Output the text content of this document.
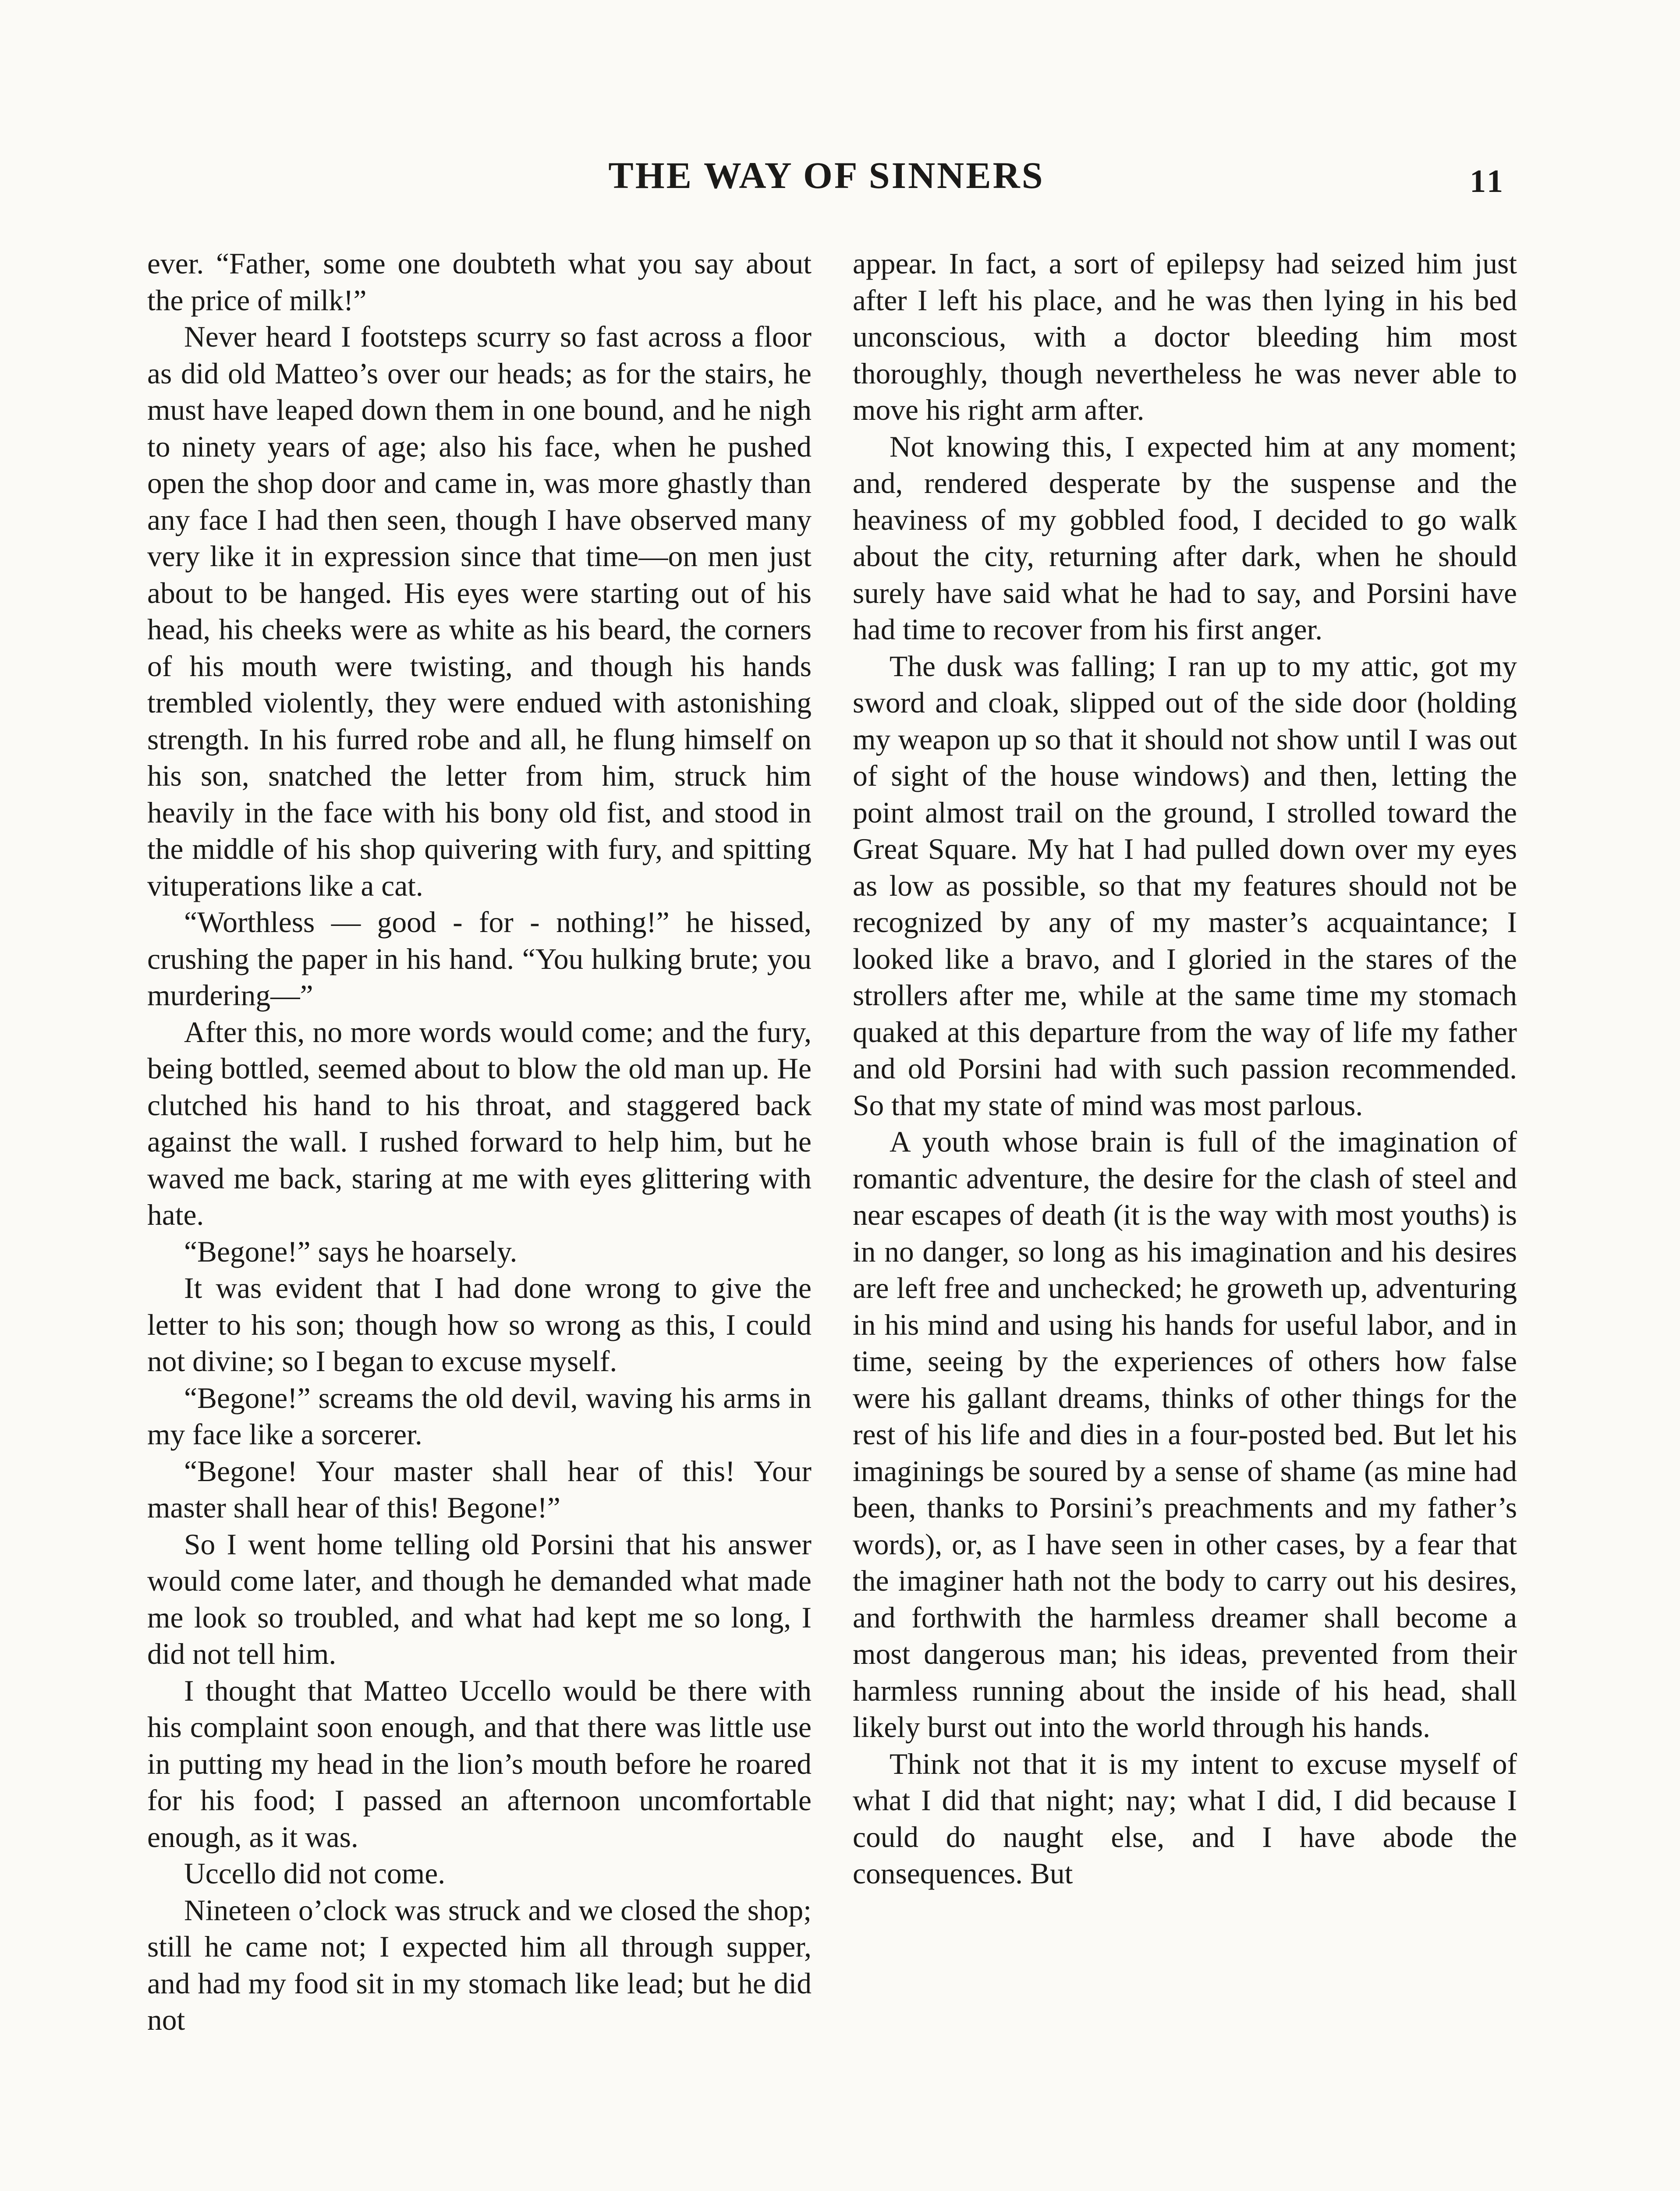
THE WAY OF SINNERS	11

ever. “Father, some one doubteth what you say about the price of milk!”

Never heard I footsteps scurry so fast across a floor as did old Matteo’s over our heads; as for the stairs, he must have leaped down them in one bound, and he nigh to ninety years of age; also his face, when he pushed open the shop door and came in, was more ghastly than any face I had then seen, though I have observed many very like it in expression since that time—on men just about to be hanged. His eyes were starting out of his head, his cheeks were as white as his beard, the corners of his mouth were twisting, and though his hands trembled violently, they were endued with astonishing strength. In his furred robe and all, he flung himself on his son, snatched the letter from him, struck him heavily in the face with his bony old fist, and stood in the middle of his shop quivering with fury, and spitting vituperations like a cat.

“Worthless — good - for - nothing!” he hissed, crushing the paper in his hand. “You hulking brute; you murdering—”

After this, no more words would come; and the fury, being bottled, seemed about to blow the old man up. He clutched his hand to his throat, and staggered back against the wall. I rushed forward to help him, but he waved me back, staring at me with eyes glittering with hate.

“Begone!” says he hoarsely.

It was evident that I had done wrong to give the letter to his son; though how so wrong as this, I could not divine; so I began to excuse myself.

“Begone!” screams the old devil, waving his arms in my face like a sorcerer.

“Begone! Your master shall hear of this! Your master shall hear of this! Begone!”

So I went home telling old Porsini that his answer would come later, and though he demanded what made me look so troubled, and what had kept me so long, I did not tell him.

I thought that Matteo Uccello would be there with his complaint soon enough, and that there was little use in putting my head in the lion’s mouth before he roared for his food; I passed an afternoon uncomfortable enough, as it was.

Uccello did not come.

Nineteen o’clock was struck and we closed the shop; still he came not; I expected him all through supper, and had my food sit in my stomach like lead; but he did not

appear. In fact, a sort of epilepsy had seized him just after I left his place, and he was then lying in his bed unconscious, with a doctor bleeding him most thoroughly, though nevertheless he was never able to move his right arm after.

Not knowing this, I expected him at any moment; and, rendered desperate by the suspense and the heaviness of my gobbled food, I decided to go walk about the city, returning after dark, when he should surely have said what he had to say, and Porsini have had time to recover from his first anger.

The dusk was falling; I ran up to my attic, got my sword and cloak, slipped out of the side door (holding my weapon up so that it should not show until I was out of sight of the house windows) and then, letting the point almost trail on the ground, I strolled toward the Great Square. My hat I had pulled down over my eyes as low as possible, so that my features should not be recognized by any of my master’s acquaintance; I looked like a bravo, and I gloried in the stares of the strollers after me, while at the same time my stomach quaked at this departure from the way of life my father and old Porsini had with such passion recommended. So that my state of mind was most parlous.

A youth whose brain is full of the imagination of romantic adventure, the desire for the clash of steel and near escapes of death (it is the way with most youths) is in no danger, so long as his imagination and his desires are left free and unchecked; he groweth up, adventuring in his mind and using his hands for useful labor, and in time, seeing by the experiences of others how false were his gallant dreams, thinks of other things for the rest of his life and dies in a four-posted bed. But let his imaginings be soured by a sense of shame (as mine had been, thanks to Porsini’s preachments and my father’s words), or, as I have seen in other cases, by a fear that the imaginer hath not the body to carry out his desires, and forthwith the harmless dreamer shall become a most dangerous man; his ideas, prevented from their harmless running about the inside of his head, shall likely burst out into the world through his hands.

Think not that it is my intent to excuse myself of what I did that night; nay; what I did, I did because I could do naught else, and I have abode the consequences. But
